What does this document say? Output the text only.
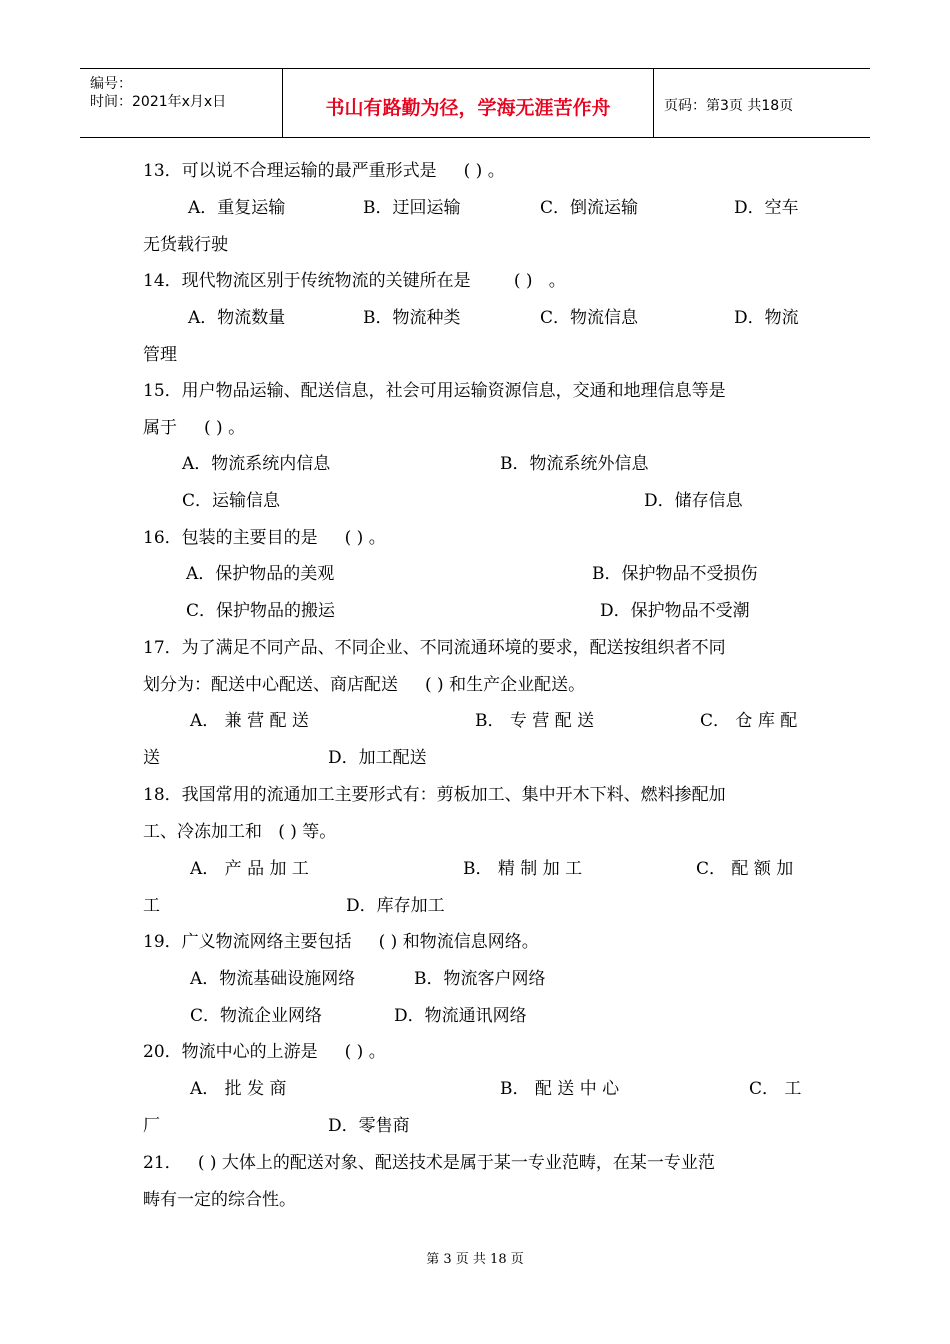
编号：
时间：2021年x月x日	书山有路勤为径，学海无涯苦作舟	页码：第3页 共18页
13．可以说不合理运输的最严重形式是     ( ) 。
A．重复运输	B．迂回运输	C．倒流运输	D．空车
无货载行驶
14．现代物流区别于传统物流的关键所在是        ( )   。
A．物流数量	B．物流种类	C．物流信息	D．物流
管理
15．用户物品运输、配送信息，社会可用运输资源信息，交通和地理信息等是
属于     ( ) 。
A．物流系统内信息	B．物流系统外信息
C．运输信息	D．储存信息
16．包装的主要目的是     ( ) 。
A．保护物品的美观	B．保护物品不受损伤
C．保护物品的搬运	D．保护物品不受潮
17．为了满足不同产品、不同企业、不同流通环境的要求，配送按组织者不同
划分为：配送中心配送、商店配送     ( ) 和生产企业配送。
A． 兼 营 配 送	B． 专 营 配 送	C． 仓 库 配
送	D．加工配送
18．我国常用的流通加工主要形式有：剪板加工、集中开木下料、燃料掺配加
工、冷冻加工和   ( ) 等。
A． 产 品 加 工	B． 精 制 加 工	C． 配 额 加
工	D．库存加工
19．广义物流网络主要包括     ( ) 和物流信息网络。
A．物流基础设施网络	B．物流客户网络
C．物流企业网络	D．物流通讯网络
20．物流中心的上游是     ( ) 。
A． 批 发 商	B． 配 送 中 心	C． 工
厂	D．零售商
21．   ( ) 大体上的配送对象、配送技术是属于某一专业范畴，在某一专业范
畴有一定的综合性。
第 3 页 共 18 页
